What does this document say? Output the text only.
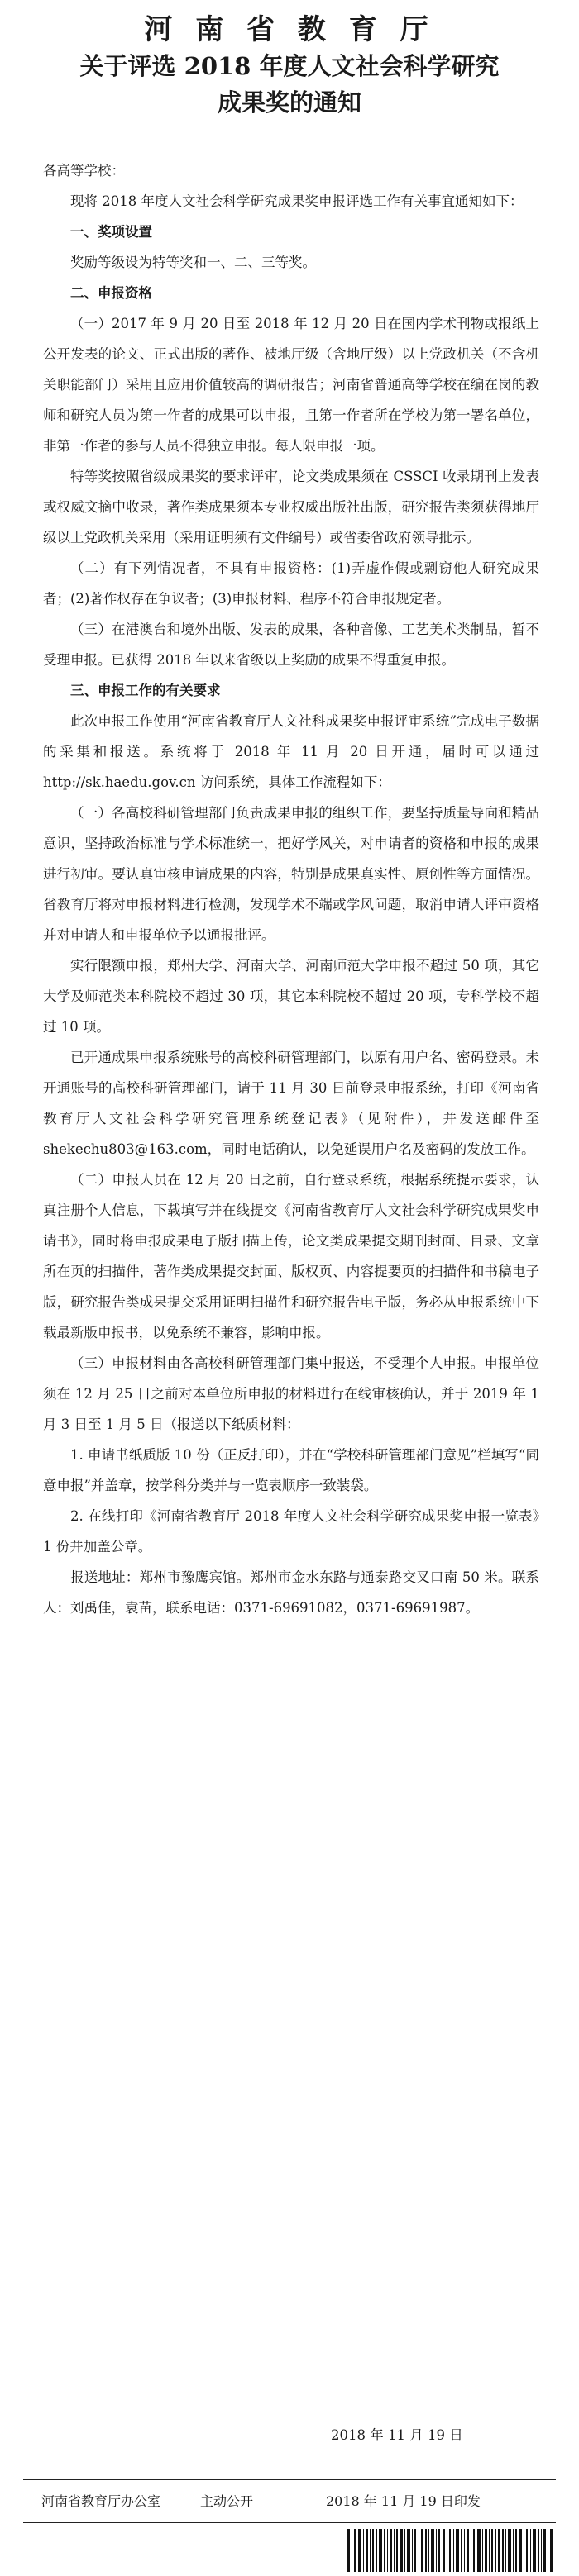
河 南 省 教 育 厅
关于评选 2018 年度人文社会科学研究
成果奖的通知

各高等学校：

现将 2018 年度人文社会科学研究成果奖申报评选工作有关事宜通知如下：

一、奖项设置

奖励等级设为特等奖和一、二、三等奖。

二、申报资格

（一）2017 年 9 月 20 日至 2018 年 12 月 20 日在国内学术刊物或报纸上公开发表的论文、正式出版的著作、被地厅级（含地厅级）以上党政机关（不含机关职能部门）采用且应用价值较高的调研报告；河南省普通高等学校在编在岗的教师和研究人员为第一作者的成果可以申报，且第一作者所在学校为第一署名单位，非第一作者的参与人员不得独立申报。每人限申报一项。

特等奖按照省级成果奖的要求评审，论文类成果须在 CSSCI 收录期刊上发表或权威文摘中收录，著作类成果须本专业权威出版社出版，研究报告类须获得地厅级以上党政机关采用（采用证明须有文件编号）或省委省政府领导批示。

（二）有下列情况者，不具有申报资格：(1)弄虚作假或剽窃他人研究成果者；(2)著作权存在争议者；(3)申报材料、程序不符合申报规定者。

（三）在港澳台和境外出版、发表的成果，各种音像、工艺美术类制品，暂不受理申报。已获得 2018 年以来省级以上奖励的成果不得重复申报。

三、申报工作的有关要求

此次申报工作使用“河南省教育厅人文社科成果奖申报评审系统”完成电子数据的采集和报送。系统将于 2018 年 11 月 20 日开通，届时可以通过 http://sk.haedu.gov.cn 访问系统，具体工作流程如下：

（一）各高校科研管理部门负责成果申报的组织工作，要坚持质量导向和精品意识，坚持政治标准与学术标准统一，把好学风关，对申请者的资格和申报的成果进行初审。要认真审核申请成果的内容，特别是成果真实性、原创性等方面情况。省教育厅将对申报材料进行检测，发现学术不端或学风问题，取消申请人评审资格并对申请人和申报单位予以通报批评。

实行限额申报，郑州大学、河南大学、河南师范大学申报不超过 50 项，其它大学及师范类本科院校不超过 30 项，其它本科院校不超过 20 项，专科学校不超过 10 项。

已开通成果申报系统账号的高校科研管理部门，以原有用户名、密码登录。未开通账号的高校科研管理部门，请于 11 月 30 日前登录申报系统，打印《河南省教育厅人文社会科学研究管理系统登记表》（见附件），并发送邮件至 shekechu803@163.com，同时电话确认，以免延误用户名及密码的发放工作。

（二）申报人员在 12 月 20 日之前，自行登录系统，根据系统提示要求，认真注册个人信息，下载填写并在线提交《河南省教育厅人文社会科学研究成果奖申请书》，同时将申报成果电子版扫描上传，论文类成果提交期刊封面、目录、文章所在页的扫描件，著作类成果提交封面、版权页、内容提要页的扫描件和书稿电子版，研究报告类成果提交采用证明扫描件和研究报告电子版，务必从申报系统中下载最新版申报书，以免系统不兼容，影响申报。

（三）申报材料由各高校科研管理部门集中报送，不受理个人申报。申报单位须在 12 月 25 日之前对本单位所申报的材料进行在线审核确认，并于 2019 年 1 月 3 日至 1 月 5 日（报送以下纸质材料：

1. 申请书纸质版 10 份（正反打印），并在“学校科研管理部门意见”栏填写“同意申报”并盖章，按学科分类并与一览表顺序一致装袋。

2. 在线打印《河南省教育厅 2018 年度人文社会科学研究成果奖申报一览表》1 份并加盖公章。

报送地址：郑州市豫鹰宾馆。郑州市金水东路与通泰路交叉口南 50 米。联系人：刘禹佳，袁苗，联系电话：0371-69691082，0371-69691987。

2018 年 11 月 19 日
河南省教育厅办公室	主动公开	2018 年 11 月 19 日印发
